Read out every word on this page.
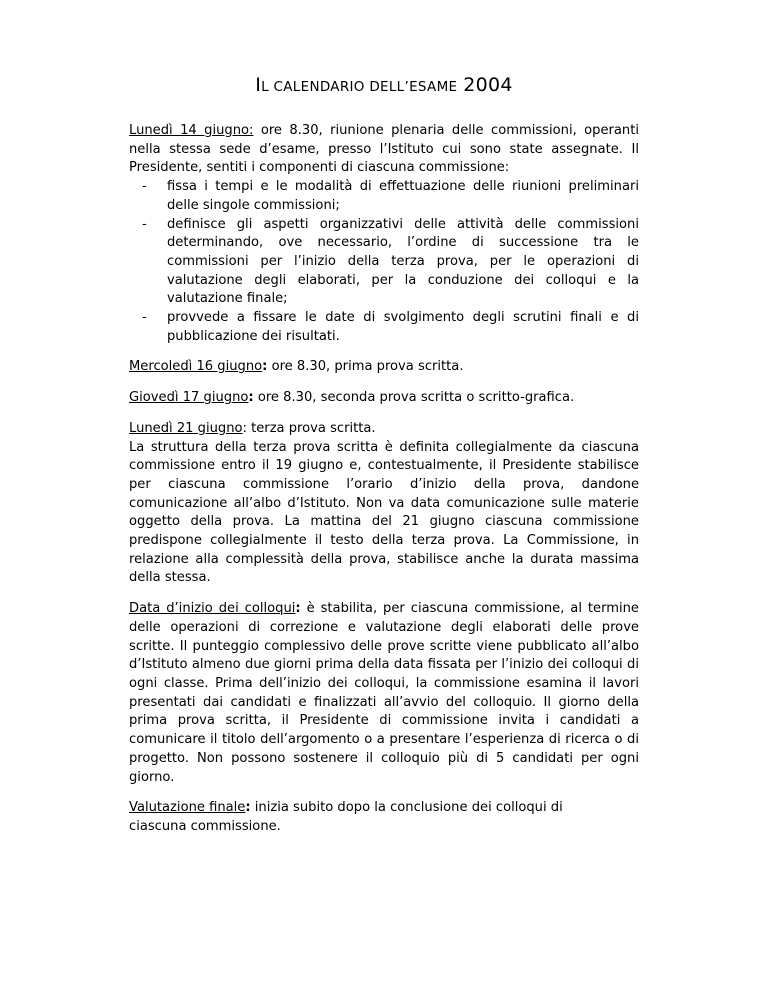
IL CALENDARIO DELL’ESAME 2004

Lunedì 14 giugno: ore 8.30, riunione plenaria delle commissioni, operanti nella stessa sede d’esame, presso l’Istituto cui sono state assegnate. Il Presidente, sentiti i componenti di ciascuna commissione:

- fissa i tempi e le modalità di effettuazione delle riunioni preliminari delle singole commissioni;
- definisce gli aspetti organizzativi delle attività delle commissioni determinando, ove necessario, l’ordine di successione tra le commissioni per l’inizio della terza prova, per le operazioni di valutazione degli elaborati, per la conduzione dei colloqui e la valutazione finale;
- provvede a fissare le date di svolgimento degli scrutini finali e di pubblicazione dei risultati.

Mercoledì 16 giugno: ore 8.30, prima prova scritta.

Giovedì 17 giugno: ore 8.30, seconda prova scritta o scritto-grafica.

Lunedì 21 giugno: terza prova scritta.

La struttura della terza prova scritta è definita collegialmente da ciascuna commissione entro il 19 giugno e, contestualmente, il Presidente stabilisce per ciascuna commissione l’orario d’inizio della prova, dandone comunicazione all’albo d’Istituto. Non va data comunicazione sulle materie oggetto della prova. La mattina del 21 giugno ciascuna commissione predispone collegialmente il testo della terza prova. La Commissione, in relazione alla complessità della prova, stabilisce anche la durata massima della stessa.

Data d’inizio dei colloqui: è stabilita, per ciascuna commissione, al termine delle operazioni di correzione e valutazione degli elaborati delle prove scritte. Il punteggio complessivo delle prove scritte viene pubblicato all’albo d’Istituto almeno due giorni prima della data fissata per l’inizio dei colloqui di ogni classe. Prima dell’inizio dei colloqui, la commissione esamina il lavori presentati dai candidati e finalizzati all’avvio del colloquio. Il giorno della prima prova scritta, il Presidente di commissione invita i candidati a comunicare il titolo dell’argomento o a presentare l’esperienza di ricerca o di progetto. Non possono sostenere il colloquio più di 5 candidati per ogni giorno.

Valutazione finale: inizia subito dopo la conclusione dei colloqui di ciascuna commissione.
